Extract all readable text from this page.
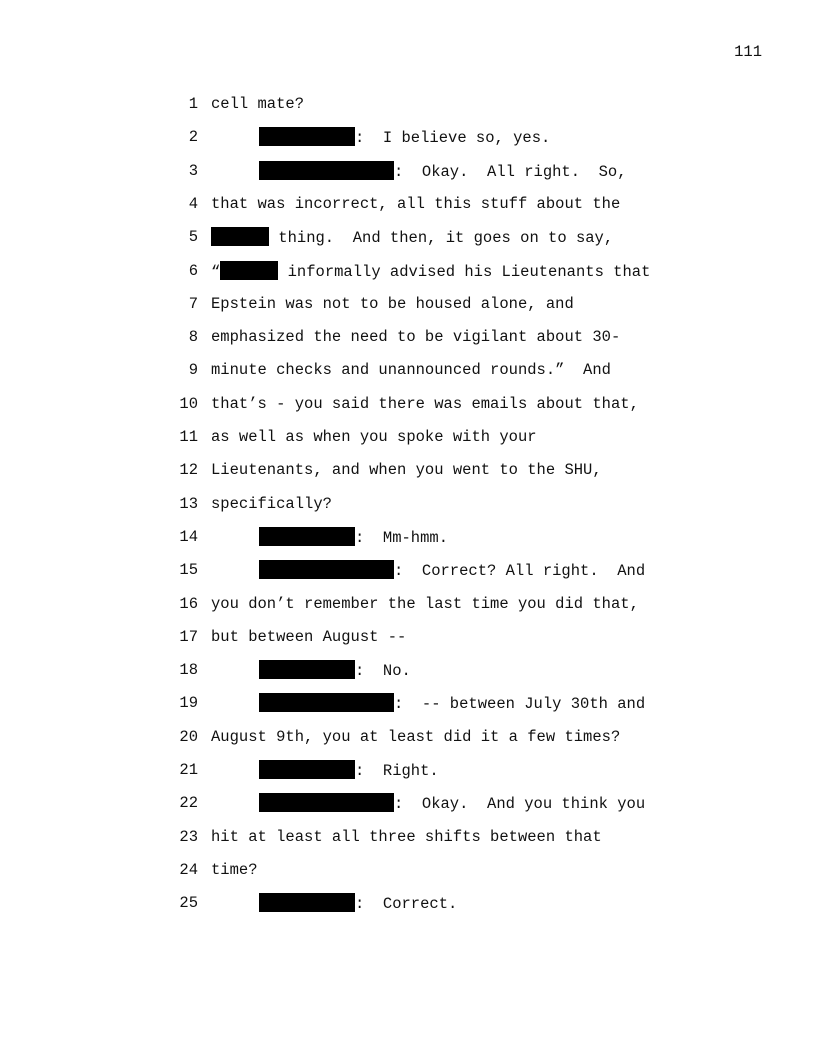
111
1 cell mate?
2	:  I believe so, yes.
3	:  Okay.  All right.  So,
4 that was incorrect, all this stuff about the
5	thing.  And then, it goes on to say,
6 “	informally advised his Lieutenants that
7 Epstein was not to be housed alone, and
8 emphasized the need to be vigilant about 30-
9 minute checks and unannounced rounds.”  And
10 that’s - you said there was emails about that,
11 as well as when you spoke with your
12 Lieutenants, and when you went to the SHU,
13 specifically?
14	:  Mm-hmm.
15	:  Correct? All right.  And
16 you don’t remember the last time you did that,
17 but between August --
18	:  No.
19	:  -- between July 30th and
20 August 9th, you at least did it a few times?
21	:  Right.
22	:  Okay.  And you think you
23 hit at least all three shifts between that
24 time?
25	:  Correct.
